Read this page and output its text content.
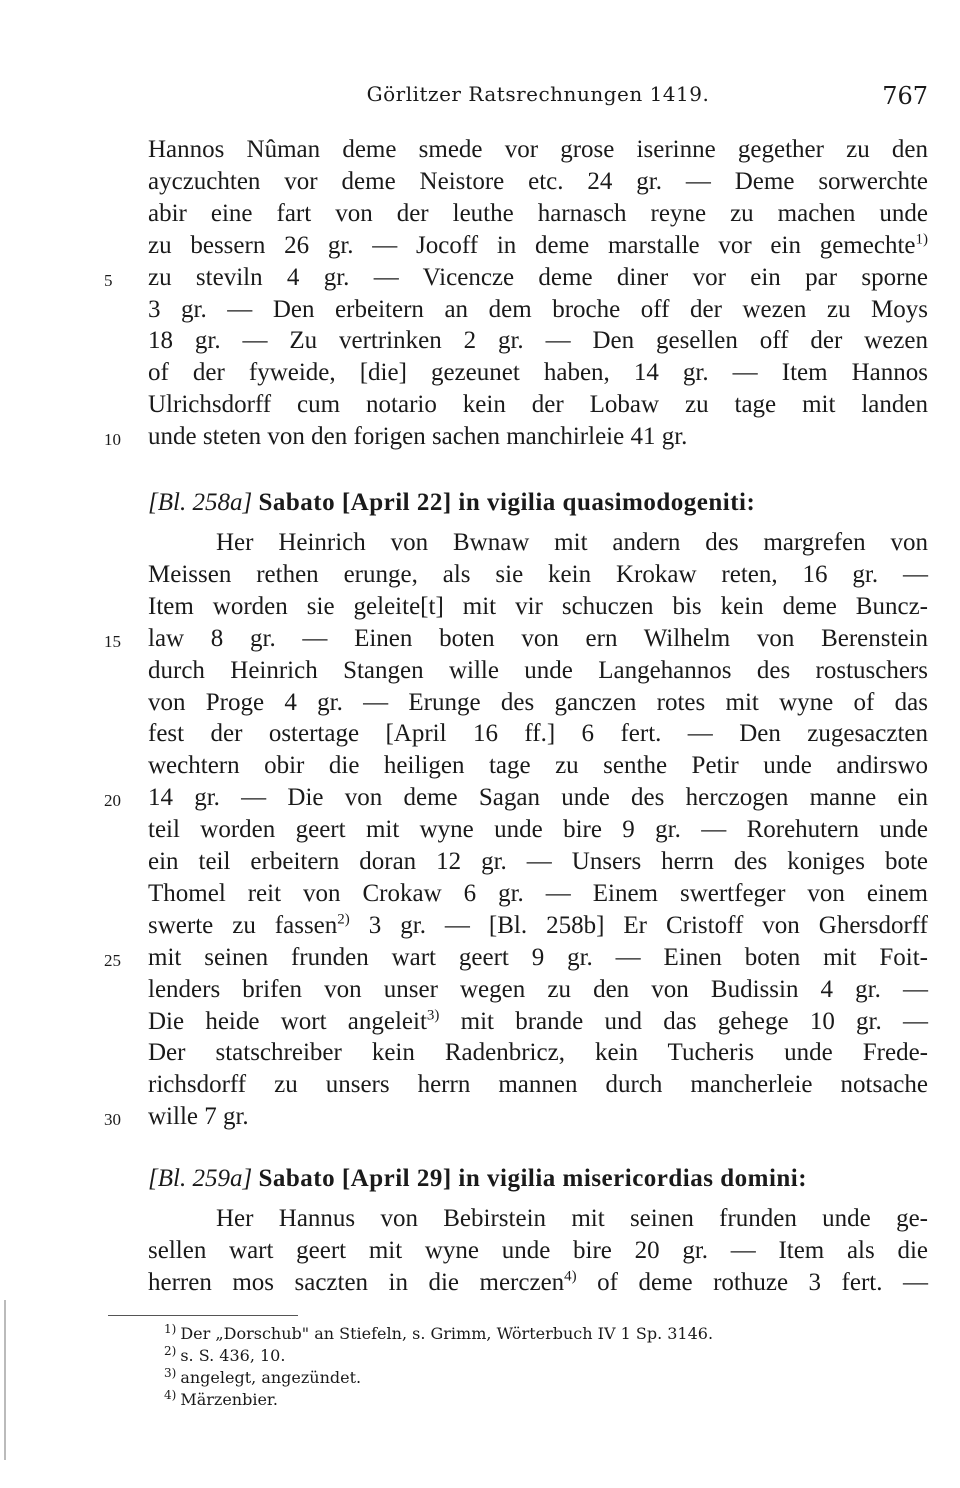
Görlitzer Ratsrechnungen 1419.	767
Hannos Nûman deme smede vor grose iserinne gegether zu den
ayczuchten vor deme Neistore etc. 24 gr. — Deme sorwerchte
abir eine fart von der leuthe harnasch reyne zu machen unde
zu bessern 26 gr. — Jocoff in deme marstalle vor ein gemechte$^{1)}$
zu steviln 4 gr. — Vicencze deme diner vor ein par sporne
5
3 gr. — Den erbeitern an dem broche off der wezen zu Moys
18 gr. — Zu vertrinken 2 gr. — Den gesellen off der wezen
of der fyweide, [die] gezeunet haben, 14 gr. — Item Hannos
Ulrichsdorff cum notario kein der Lobaw zu tage mit landen
unde steten von den forigen sachen manchirleie 41 gr.
10
[Bl. 258a] Sabato [April 22] in vigilia quasimodogeniti:
Her Heinrich von Bwnaw mit andern des margrefen von
Meissen rethen erunge, als sie kein Krokaw reten, 16 gr. —
Item worden sie geleite[t] mit vir schuczen bis kein deme Buncz-
law 8 gr. — Einen boten von ern Wilhelm von Berenstein
15
durch Heinrich Stangen wille unde Langehannos des rostuschers
von Proge 4 gr. — Erunge des ganczen rotes mit wyne of das
fest der ostertage [April 16 ff.] 6 fert. — Den zugesaczten
wechtern obir die heiligen tage zu senthe Petir unde andirswo
14 gr. — Die von deme Sagan unde des herczogen manne ein
20
teil worden geert mit wyne unde bire 9 gr. — Rorehutern unde
ein teil erbeitern doran 12 gr. — Unsers herrn des koniges bote
Thomel reit von Crokaw 6 gr. — Einem swertfeger von einem
swerte zu fassen$^{2)}$ 3 gr. — [Bl. 258b] Er Cristoff von Ghersdorff
mit seinen frunden wart geert 9 gr. — Einen boten mit Foit-
25
lenders brifen von unser wegen zu den von Budissin 4 gr. —
Die heide wort angeleit$^{3)}$ mit brande und das gehege 10 gr. —
Der statschreiber kein Radenbricz, kein Tucheris unde Frede-
richsdorff zu unsers herrn mannen durch mancherleie notsache
wille 7 gr.
30
[Bl. 259a] Sabato [April 29] in vigilia misericordias domini:
Her Hannus von Bebirstein mit seinen frunden unde ge-
sellen wart geert mit wyne unde bire 20 gr. — Item als die
herren mos saczten in die merczen$^{4)}$ of deme rothuze 3 fert. —
$^{1)}$ Der „Dorschub" an Stiefeln, s. Grimm, Wörterbuch IV 1 Sp. 3146.
$^{2)}$ s. S. 436, 10.
$^{3)}$ angelegt, angezündet.
$^{4)}$ Märzenbier.
